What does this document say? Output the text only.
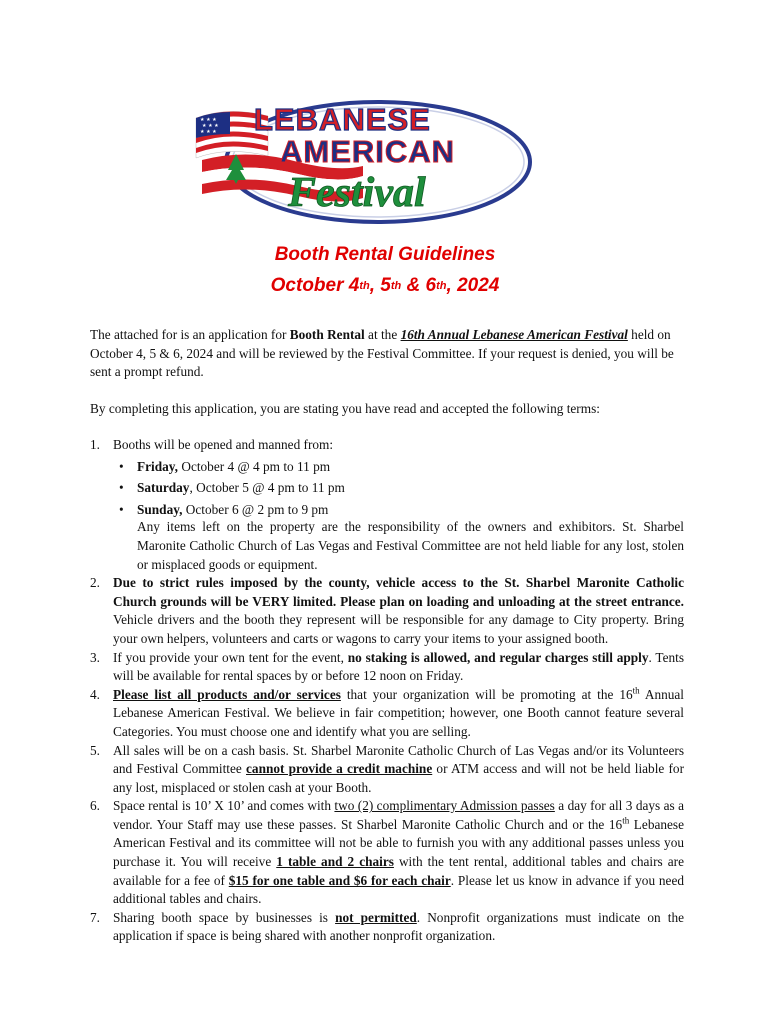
★ ★ ★
★ ★ ★
★ ★ ★ LEBANESE
AMERICAN
Festival
Booth Rental Guidelines
October 4th, 5th & 6th, 2024

The attached for is an application for Booth Rental at the 16th Annual Lebanese American Festival held on October 4, 5 & 6, 2024 and will be reviewed by the Festival Committee. If your request is denied, you will be sent a prompt refund.

By completing this application, you are stating you have read and accepted the following terms:

1. Booths will be opened and manned from:
• Friday, October 4 @ 4 pm to 11 pm
• Saturday, October 5 @ 4 pm to 11 pm
• Sunday, October 6 @ 2 pm to 9 pm
Any items left on the property are the responsibility of the owners and exhibitors. St. Sharbel Maronite Catholic Church of Las Vegas and Festival Committee are not held liable for any lost, stolen or misplaced goods or equipment.
2. Due to strict rules imposed by the county, vehicle access to the St. Sharbel Maronite Catholic Church grounds will be VERY limited. Please plan on loading and unloading at the street entrance. Vehicle drivers and the booth they represent will be responsible for any damage to City property. Bring your own helpers, volunteers and carts or wagons to carry your items to your assigned booth.
3. If you provide your own tent for the event, no staking is allowed, and regular charges still apply. Tents will be available for rental spaces by or before 12 noon on Friday.
4. Please list all products and/or services that your organization will be promoting at the 16th Annual Lebanese American Festival. We believe in fair competition; however, one Booth cannot feature several Categories. You must choose one and identify what you are selling.
5. All sales will be on a cash basis. St. Sharbel Maronite Catholic Church of Las Vegas and/or its Volunteers and Festival Committee cannot provide a credit machine or ATM access and will not be held liable for any lost, misplaced or stolen cash at your Booth.
6. Space rental is 10’ X 10’ and comes with two (2) complimentary Admission passes a day for all 3 days as a vendor. Your Staff may use these passes. St Sharbel Maronite Catholic Church and or the 16th Lebanese American Festival and its committee will not be able to furnish you with any additional passes unless you purchase it. You will receive 1 table and 2 chairs with the tent rental, additional tables and chairs are available for a fee of $15 for one table and $6 for each chair. Please let us know in advance if you need additional tables and chairs.
7. Sharing booth space by businesses is not permitted. Nonprofit organizations must indicate on the application if space is being shared with another nonprofit organization.
